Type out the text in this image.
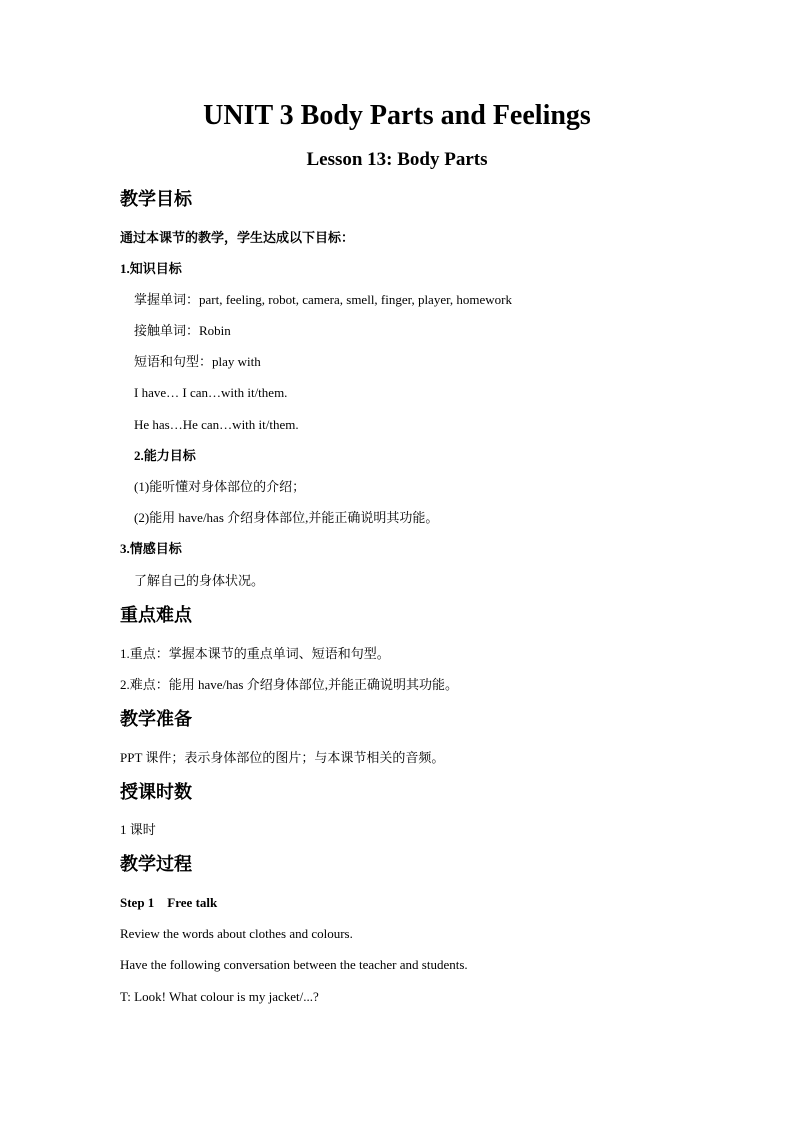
UNIT 3 Body Parts and Feelings
Lesson 13: Body Parts
教学目标
通过本课节的教学，学生达成以下目标：
1.知识目标
掌握单词：part, feeling, robot, camera, smell, finger, player, homework
接触单词：Robin
短语和句型：play with
I have… I can…with it/them.
He has…He can…with it/them.
2.能力目标
(1)能听懂对身体部位的介绍；
(2)能用 have/has 介绍身体部位,并能正确说明其功能。
3.情感目标
了解自己的身体状况。
重点难点
1.重点：掌握本课节的重点单词、短语和句型。
2.难点：能用 have/has 介绍身体部位,并能正确说明其功能。
教学准备
PPT 课件；表示身体部位的图片；与本课节相关的音频。
授课时数
1 课时
教学过程
Step 1    Free talk
Review the words about clothes and colours.
Have the following conversation between the teacher and students.
T: Look! What colour is my jacket/...?
